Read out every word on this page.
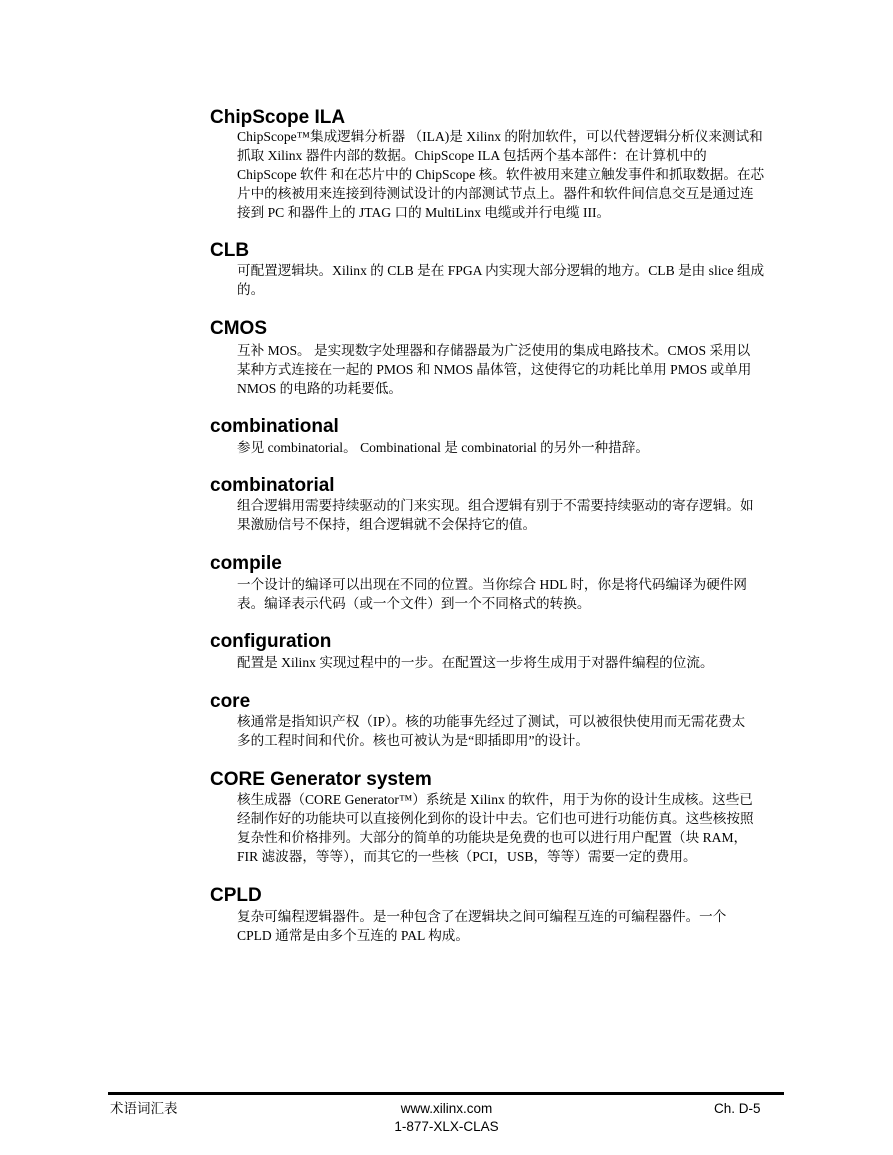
ChipScope ILA
ChipScope™集成逻辑分析器 （ILA)是 Xilinx 的附加软件，可以代替逻辑分析仪来测试和
抓取 Xilinx 器件内部的数据。ChipScope ILA 包括两个基本部件：在计算机中的
ChipScope 软件 和在芯片中的 ChipScope 核。软件被用来建立触发事件和抓取数据。在芯
片中的核被用来连接到待测试设计的内部测试节点上。器件和软件间信息交互是通过连
接到 PC 和器件上的 JTAG 口的 MultiLinx 电缆或并行电缆 III。
CLB
可配置逻辑块。Xilinx 的 CLB 是在 FPGA 内实现大部分逻辑的地方。CLB 是由 slice 组成
的。
CMOS
互补 MOS。 是实现数字处理器和存储器最为广泛使用的集成电路技术。CMOS 采用以
某种方式连接在一起的 PMOS 和 NMOS 晶体管，这使得它的功耗比单用 PMOS 或单用
NMOS 的电路的功耗要低。
combinational
参见 combinatorial。 Combinational 是 combinatorial 的另外一种措辞。
combinatorial
组合逻辑用需要持续驱动的门来实现。组合逻辑有别于不需要持续驱动的寄存逻辑。如
果激励信号不保持，组合逻辑就不会保持它的值。
compile
一个设计的编译可以出现在不同的位置。当你综合 HDL 时，你是将代码编译为硬件网
表。编译表示代码（或一个文件）到一个不同格式的转换。
configuration
配置是 Xilinx 实现过程中的一步。在配置这一步将生成用于对器件编程的位流。
core
核通常是指知识产权（IP）。核的功能事先经过了测试，可以被很快使用而无需花费太
多的工程时间和代价。核也可被认为是“即插即用”的设计。
CORE Generator system
核生成器（CORE Generator™）系统是 Xilinx 的软件，用于为你的设计生成核。这些已
经制作好的功能块可以直接例化到你的设计中去。它们也可进行功能仿真。这些核按照
复杂性和价格排列。大部分的简单的功能块是免费的也可以进行用户配置（块 RAM，
FIR 滤波器，等等），而其它的一些核（PCI，USB，等等）需要一定的费用。
CPLD
复杂可编程逻辑器件。是一种包含了在逻辑块之间可编程互连的可编程器件。一个
CPLD 通常是由多个互连的 PAL 构成。
术语词汇表	www.xilinx.com
1-877-XLX-CLAS
Ch. D-5
